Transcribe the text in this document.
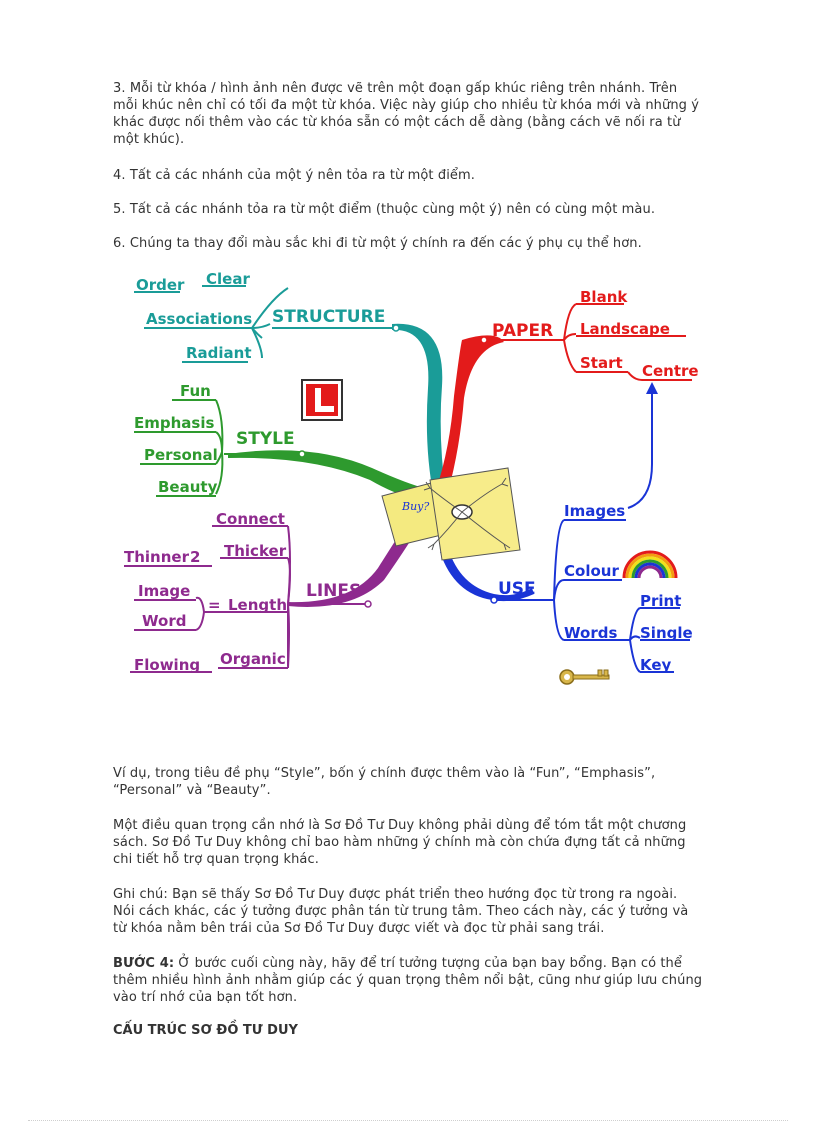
3. Mỗi từ khóa / hình ảnh nên được vẽ trên một đoạn gấp khúc riêng trên nhánh. Trên mỗi khúc nên chỉ có tối đa một từ khóa. Việc này giúp cho nhiều từ khóa mới và những ý khác được nối thêm vào các từ khóa sẵn có một cách dễ dàng (bằng cách vẽ nối ra từ một khúc).

4. Tất cả các nhánh của một ý nên tỏa ra từ một điểm.

5. Tất cả các nhánh tỏa ra từ một điểm (thuộc cùng một ý) nên có cùng một màu.

6. Chúng ta thay đổi màu sắc khi đi từ một ý chính ra đến các ý phụ cụ thể hơn.

Order Clear
Associations
Radiant
STRUCTURE
Fun
Emphasis
Personal
Beauty
STYLE
Connect
Thicker
Thinner 2
Image
= Length
Word
Flowing Organic
LINES
PAPER
Blank
Landscape
Start Centre
USE
Images
Colour
Words
Print
Single
Key
Buy?

Ví dụ, trong tiêu đề phụ “Style”, bốn ý chính được thêm vào là “Fun”, “Emphasis”, “Personal” và “Beauty”.

Một điều quan trọng cần nhớ là Sơ Đồ Tư Duy không phải dùng để tóm tắt một chương sách. Sơ Đồ Tư Duy không chỉ bao hàm những ý chính mà còn chứa đựng tất cả những chi tiết hỗ trợ quan trọng khác.

Ghi chú: Bạn sẽ thấy Sơ Đồ Tư Duy được phát triển theo hướng đọc từ trong ra ngoài. Nói cách khác, các ý tưởng được phân tán từ trung tâm. Theo cách này, các ý tưởng và từ khóa nằm bên trái của Sơ Đồ Tư Duy được viết và đọc từ phải sang trái.

BƯỚC 4: Ở bước cuối cùng này, hãy để trí tưởng tượng của bạn bay bổng. Bạn có thể thêm nhiều hình ảnh nhằm giúp các ý quan trọng thêm nổi bật, cũng như giúp lưu chúng vào trí nhớ của bạn tốt hơn.

CẤU TRÚC SƠ ĐỒ TƯ DUY
